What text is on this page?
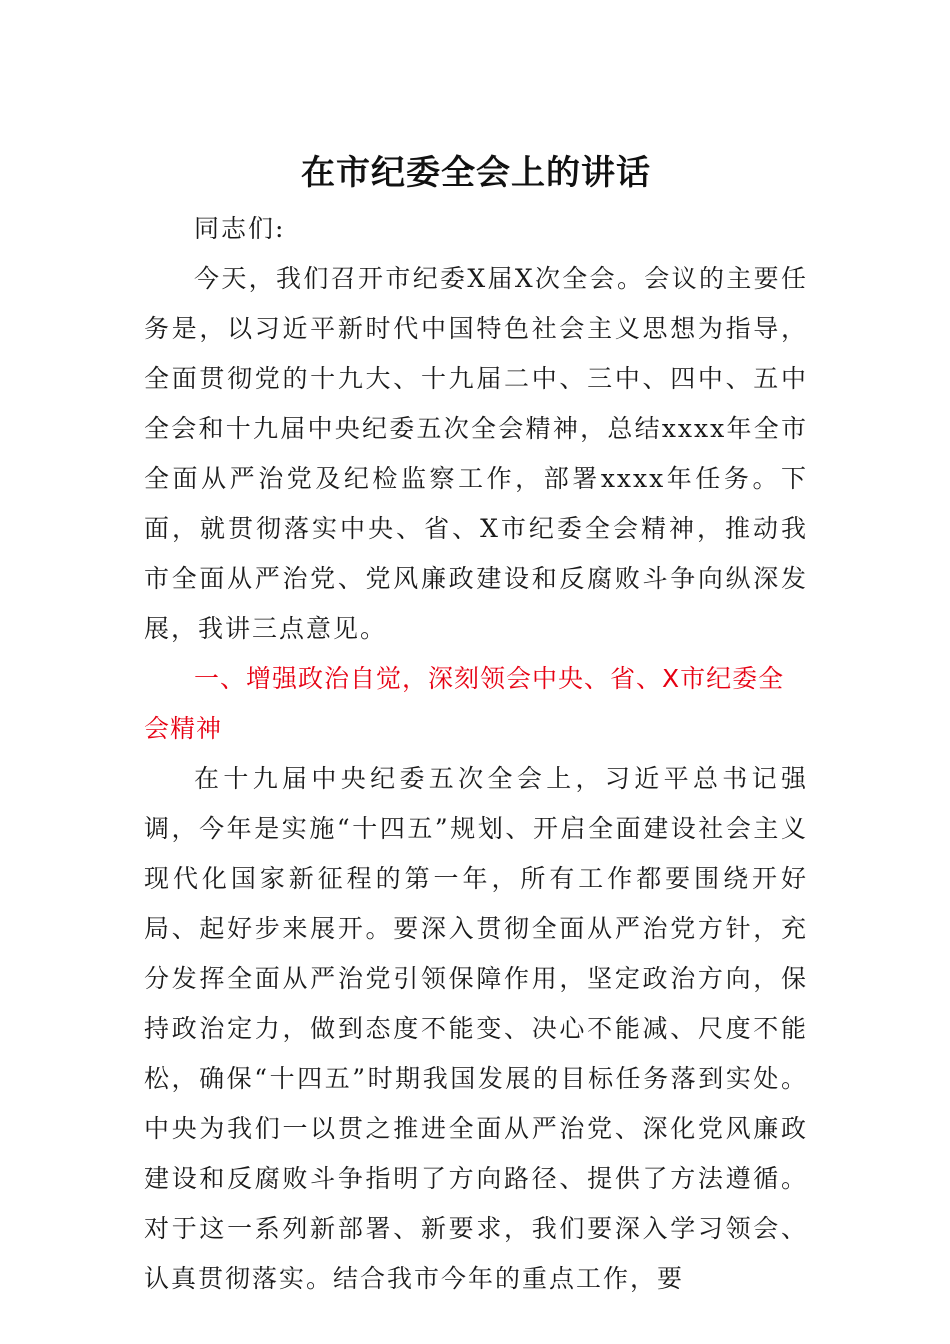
在市纪委全会上的讲话

同志们:

今天，我们召开市纪委X届X次全会。会议的主要任务是，以习近平新时代中国特色社会主义思想为指导，全面贯彻党的十九大、十九届二中、三中、四中、五中全会和十九届中央纪委五次全会精神，总结xxxx年全市全面从严治党及纪检监察工作，部署xxxx年任务。下面，就贯彻落实中央、省、X市纪委全会精神，推动我市全面从严治党、党风廉政建设和反腐败斗争向纵深发展，我讲三点意见。

一、增强政治自觉，深刻领会中央、省、X市纪委全会精神

在十九届中央纪委五次全会上，习近平总书记强调，今年是实施“十四五”规划、开启全面建设社会主义现代化国家新征程的第一年，所有工作都要围绕开好局、起好步来展开。要深入贯彻全面从严治党方针，充分发挥全面从严治党引领保障作用，坚定政治方向，保持政治定力，做到态度不能变、决心不能减、尺度不能松，确保“十四五”时期我国发展的目标任务落到实处。中央为我们一以贯之推进全面从严治党、深化党风廉政建设和反腐败斗争指明了方向路径、提供了方法遵循。对于这一系列新部署、新要求，我们要深入学习领会、认真贯彻落实。结合我市今年的重点工作，要
